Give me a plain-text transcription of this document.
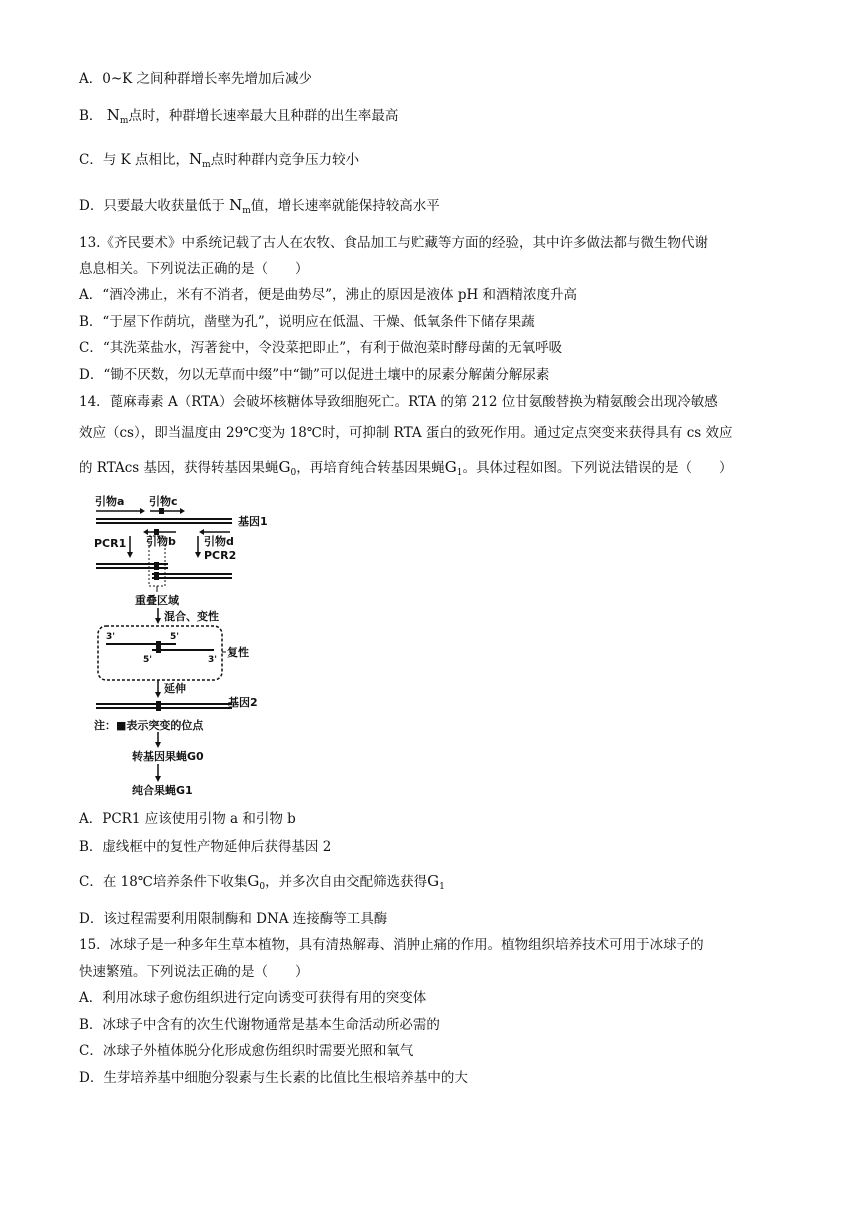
A．0~K 之间种群增长率先增加后减少
B． $N_m$点时，种群增长速率最大且种群的出生率最高
C．与 K 点相比，$N_m$点时种群内竞争压力较小
D．只要最大收获量低于 $N_m$值，增长速率就能保持较高水平
13.《齐民要术》中系统记载了古人在农牧、食品加工与贮藏等方面的经验，其中许多做法都与微生物代谢
息息相关。下列说法正确的是（　　）
A．“酒冷沸止，米有不消者，便是曲势尽”，沸止的原因是液体 pH 和酒精浓度升高
B．“于屋下作荫坑，凿壁为孔”，说明应在低温、干燥、低氧条件下储存果蔬
C．“其洗菜盐水，泻著瓮中，令没菜把即止”，有利于做泡菜时酵母菌的无氧呼吸
D．“锄不厌数，勿以无草而中缀”中“锄”可以促进土壤中的尿素分解菌分解尿素
14．蓖麻毒素 A（RTA）会破坏核糖体导致细胞死亡。RTA 的第 212 位甘氨酸替换为精氨酸会出现冷敏感
效应（cs），即当温度由 29℃变为 18℃时，可抑制 RTA 蛋白的致死作用。通过定点突变来获得具有 cs 效应
的 RTAcs 基因，获得转基因果蝇$G_0$，再培育纯合转基因果蝇$G_1$。具体过程如图。下列说法错误的是（　　）
引物a 引物c
基因1
PCR1 引物b	引物d
PCR2
重叠区域
混合、变性
3'	5'
5'	3'
复性
延伸
基因2
注：■表示突变的位点
转基因果蝇G0
纯合果蝇G1
A．PCR1 应该使用引物 a 和引物 b
B．虚线框中的复性产物延伸后获得基因 2
C．在 18℃培养条件下收集$G_0$，并多次自由交配筛选获得$G_1$
D．该过程需要利用限制酶和 DNA 连接酶等工具酶
15．冰球子是一种多年生草本植物，具有清热解毒、消肿止痛的作用。植物组织培养技术可用于冰球子的
快速繁殖。下列说法正确的是（　　）
A．利用冰球子愈伤组织进行定向诱变可获得有用的突变体
B．冰球子中含有的次生代谢物通常是基本生命活动所必需的
C．冰球子外植体脱分化形成愈伤组织时需要光照和氧气
D．生芽培养基中细胞分裂素与生长素的比值比生根培养基中的大
